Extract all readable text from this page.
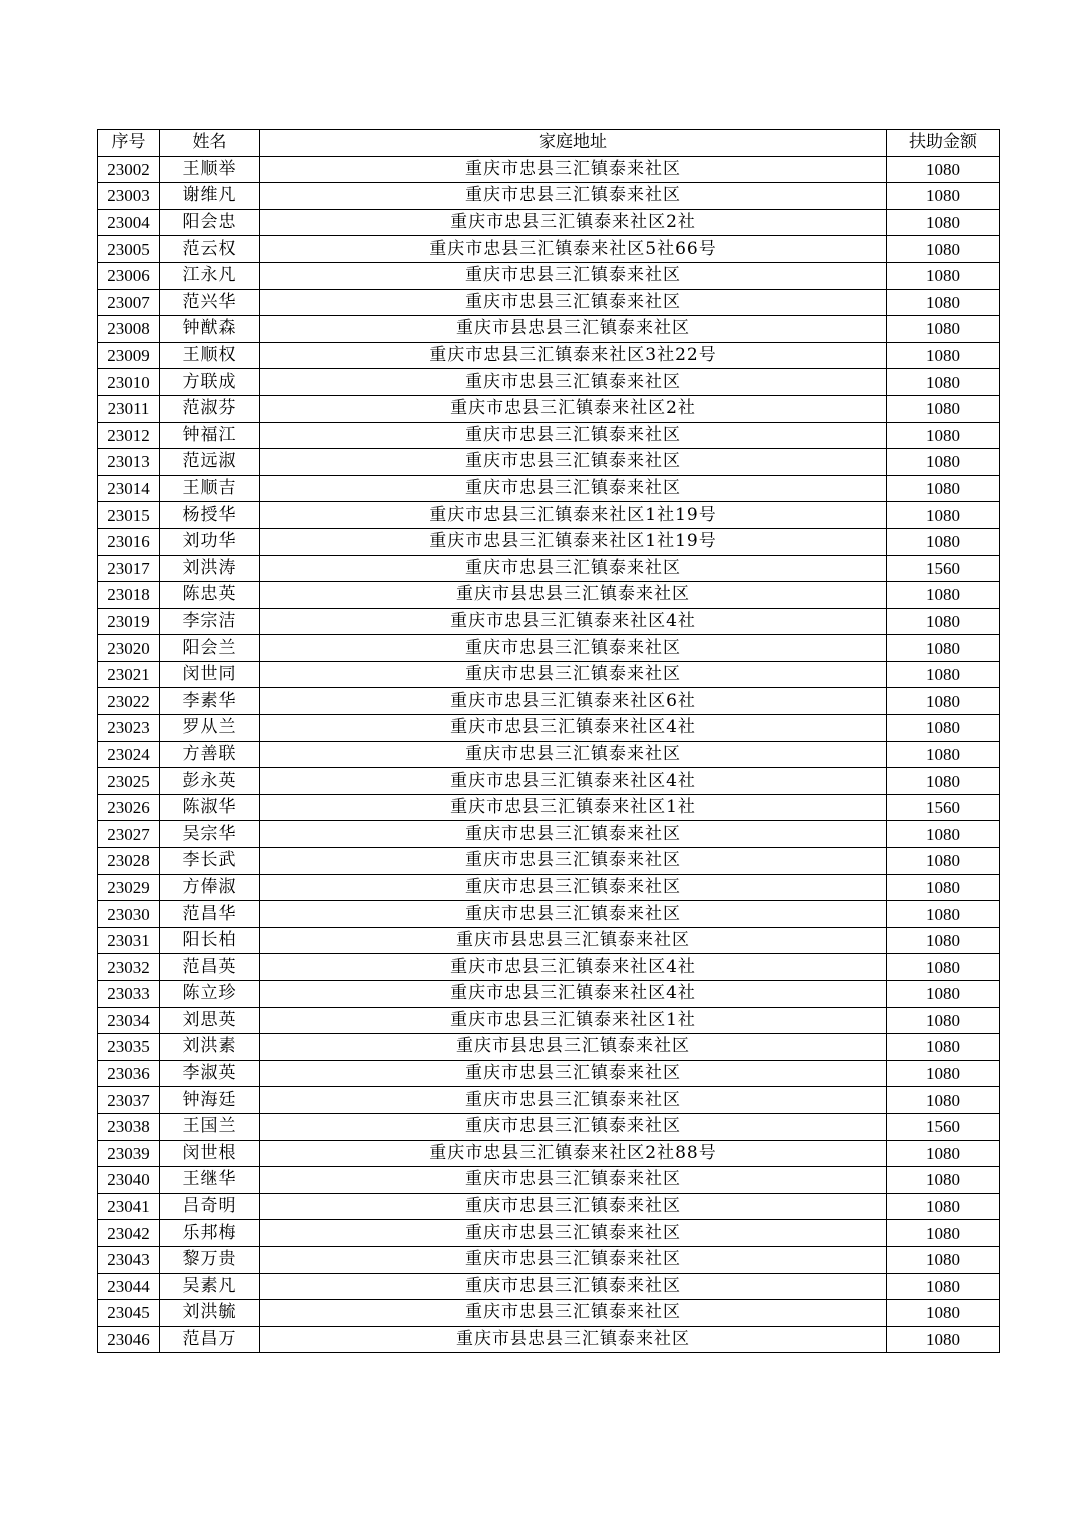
序号	姓名	家庭地址	扶助金额
23002	王顺举	重庆市忠县三汇镇泰来社区	1080
23003	谢维凡	重庆市忠县三汇镇泰来社区	1080
23004	阳会忠	重庆市忠县三汇镇泰来社区2社	1080
23005	范云权	重庆市忠县三汇镇泰来社区5社66号	1080
23006	江永凡	重庆市忠县三汇镇泰来社区	1080
23007	范兴华	重庆市忠县三汇镇泰来社区	1080
23008	钟猷森	重庆市县忠县三汇镇泰来社区	1080
23009	王顺权	重庆市忠县三汇镇泰来社区3社22号	1080
23010	方联成	重庆市忠县三汇镇泰来社区	1080
23011	范淑芬	重庆市忠县三汇镇泰来社区2社	1080
23012	钟福江	重庆市忠县三汇镇泰来社区	1080
23013	范远淑	重庆市忠县三汇镇泰来社区	1080
23014	王顺吉	重庆市忠县三汇镇泰来社区	1080
23015	杨授华	重庆市忠县三汇镇泰来社区1社19号	1080
23016	刘功华	重庆市忠县三汇镇泰来社区1社19号	1080
23017	刘洪涛	重庆市忠县三汇镇泰来社区	1560
23018	陈忠英	重庆市县忠县三汇镇泰来社区	1080
23019	李宗洁	重庆市忠县三汇镇泰来社区4社	1080
23020	阳会兰	重庆市忠县三汇镇泰来社区	1080
23021	闵世同	重庆市忠县三汇镇泰来社区	1080
23022	李素华	重庆市忠县三汇镇泰来社区6社	1080
23023	罗从兰	重庆市忠县三汇镇泰来社区4社	1080
23024	方善联	重庆市忠县三汇镇泰来社区	1080
23025	彭永英	重庆市忠县三汇镇泰来社区4社	1080
23026	陈淑华	重庆市忠县三汇镇泰来社区1社	1560
23027	吴宗华	重庆市忠县三汇镇泰来社区	1080
23028	李长武	重庆市忠县三汇镇泰来社区	1080
23029	方俸淑	重庆市忠县三汇镇泰来社区	1080
23030	范昌华	重庆市忠县三汇镇泰来社区	1080
23031	阳长柏	重庆市县忠县三汇镇泰来社区	1080
23032	范昌英	重庆市忠县三汇镇泰来社区4社	1080
23033	陈立珍	重庆市忠县三汇镇泰来社区4社	1080
23034	刘思英	重庆市忠县三汇镇泰来社区1社	1080
23035	刘洪素	重庆市县忠县三汇镇泰来社区	1080
23036	李淑英	重庆市忠县三汇镇泰来社区	1080
23037	钟海廷	重庆市忠县三汇镇泰来社区	1080
23038	王国兰	重庆市忠县三汇镇泰来社区	1560
23039	闵世根	重庆市忠县三汇镇泰来社区2社88号	1080
23040	王继华	重庆市忠县三汇镇泰来社区	1080
23041	吕奇明	重庆市忠县三汇镇泰来社区	1080
23042	乐邦梅	重庆市忠县三汇镇泰来社区	1080
23043	黎万贵	重庆市忠县三汇镇泰来社区	1080
23044	吴素凡	重庆市忠县三汇镇泰来社区	1080
23045	刘洪毓	重庆市忠县三汇镇泰来社区	1080
23046	范昌万	重庆市县忠县三汇镇泰来社区	1080
